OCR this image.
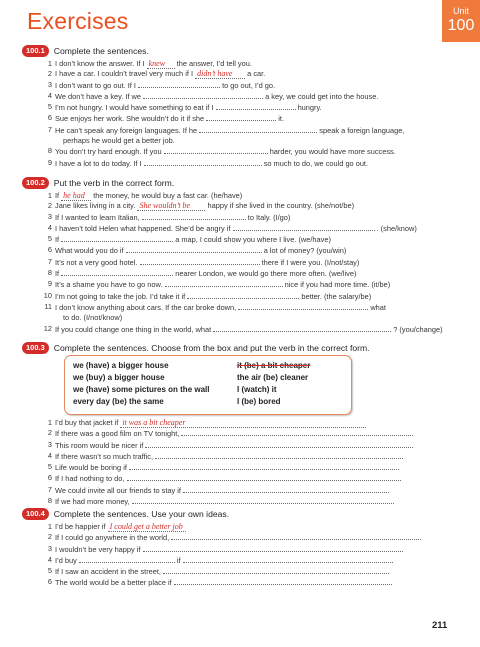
Exercises	Unit
100
100.1	Complete the sentences.
1 I don’t know the answer. If I knew the answer, I’d tell you.
2 I have a car. I couldn’t travel very much if I didn’t have a car.
3 I don’t want to go out. If I	to go out, I’d go.
4 We don’t have a key. If we	a key, we could get into the house.
5 I’m not hungry. I would have something to eat if I	hungry.
6 Sue enjoys her work. She wouldn’t do it if she	it.
7 He can’t speak any foreign languages. If he	speak a foreign language,
perhaps he would get a better job.
8 You don’t try hard enough. If you	harder, you would have more success.
9 I have a lot to do today. If I	so much to do, we could go out.
100.2	Put the verb in the correct form.
1 If he had the money, he would buy a fast car. (he/have)
2 Jane likes living in a city. She wouldn’t be happy if she lived in the country. (she/not/be)
3 If I wanted to learn Italian,	to Italy. (I/go)
4 I haven’t told Helen what happened. She’d be angry if	. (she/know)
5 If	a map, I could show you where I live. (we/have)
6 What would you do if	a lot of money? (you/win)
7 It’s not a very good hotel.	there if I were you. (I/not/stay)
8 If	nearer London, we would go there more often. (we/live)
9 It’s a shame you have to go now.	nice if you had more time. (it/be)
10 I’m not going to take the job. I’d take it if	better. (the salary/be)
11 I don’t know anything about cars. If the car broke down,	what
to do. (I/not/know)
12 If you could change one thing in the world, what	? (you/change)
100.3	Complete the sentences. Choose from the box and put the verb in the correct form.
we (have) a bigger house
we (buy) a bigger house
we (have) some pictures on the wall
every day (be) the same
it (be) a bit cheaper
the air (be) cleaner
I (watch) it
I (be) bored
1 I’d buy that jacket if it was a bit cheaper
2 If there was a good film on TV tonight,
3 This room would be nicer if
4 If there wasn’t so much traffic,
5 Life would be boring if
6 If I had nothing to do,
7 We could invite all our friends to stay if
8 If we had more money,
100.4	Complete the sentences. Use your own ideas.
1 I’d be happier if I could get a better job
2 If I could go anywhere in the world,
3 I wouldn’t be very happy if
4 I’d buy	if
5 If I saw an accident in the street,
6 The world would be a better place if
211
